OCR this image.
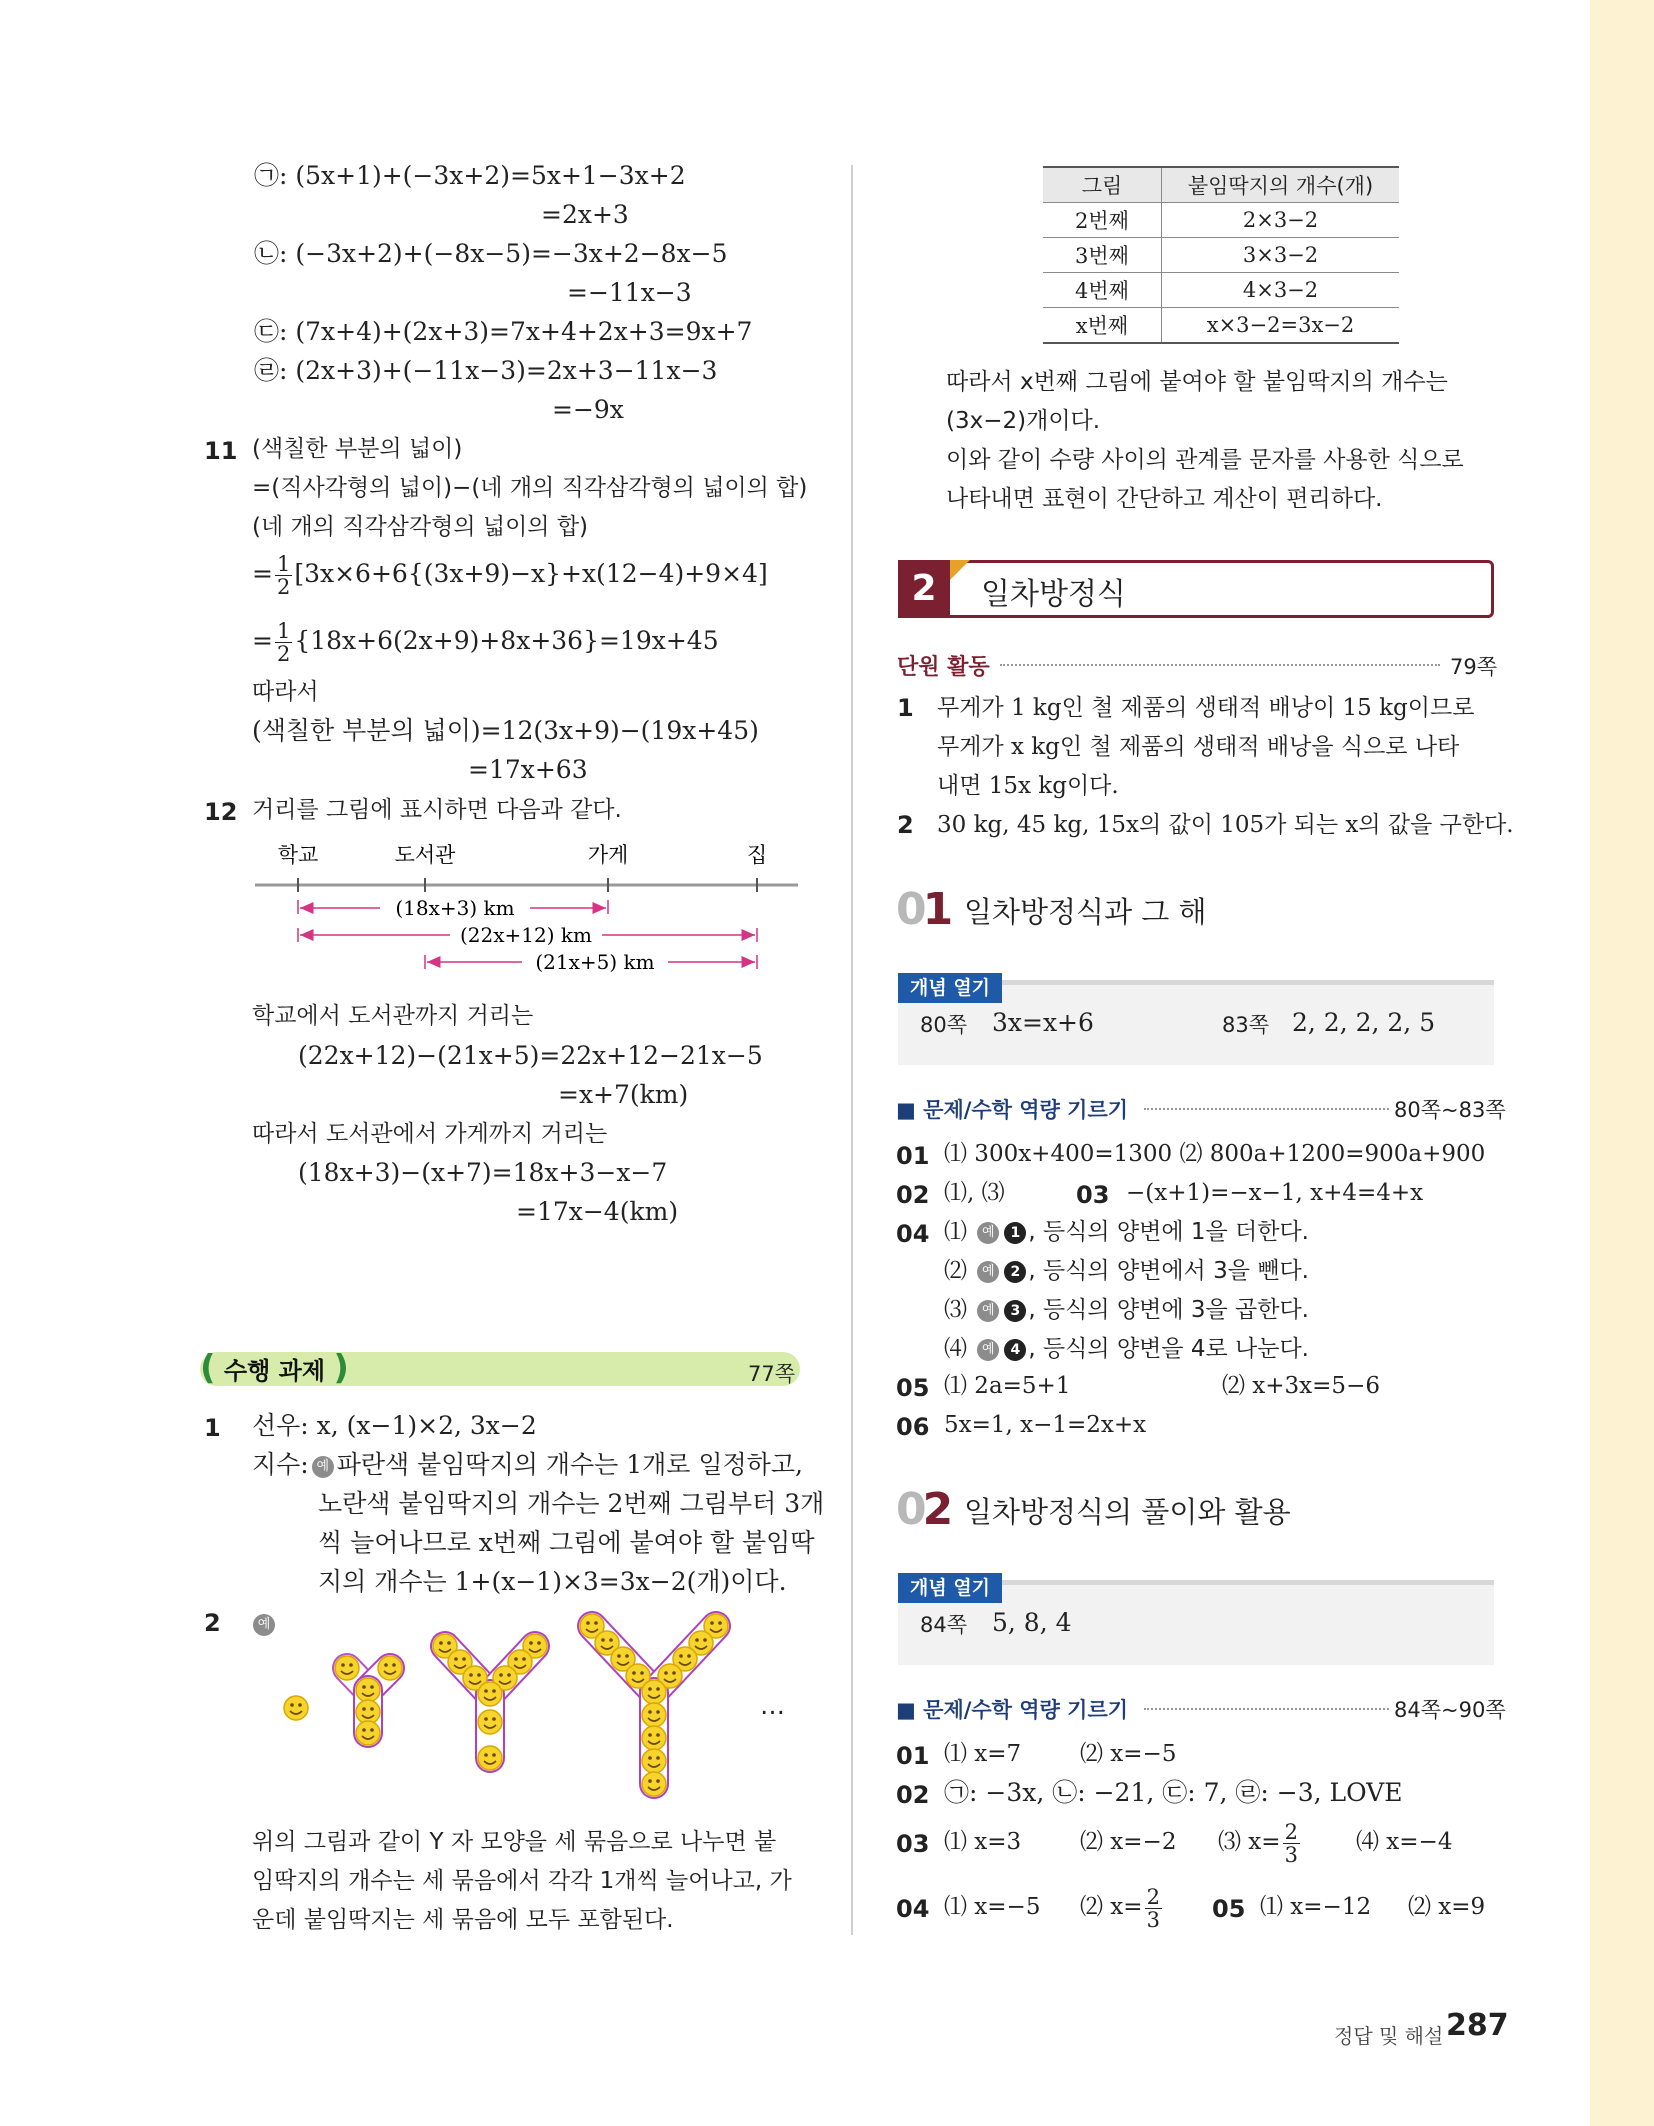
㉠: (5x+1)+(−3x+2)=5x+1−3x+2
=2x+3
㉡: (−3x+2)+(−8x−5)=−3x+2−8x−5
=−11x−3
㉢: (7x+4)+(2x+3)=7x+4+2x+3=9x+7
㉣: (2x+3)+(−11x−3)=2x+3−11x−3
=−9x
11 (색칠한 부분의 넓이)
=(직사각형의 넓이)−(네 개의 직각삼각형의 넓이의 합)
(네 개의 직각삼각형의 넓이의 합)
= $\frac{1}{2} [3x\times 6+6\{(3x+9)-x\}+x(12-4)+9\times 4]$
= $\frac{1}{2} \{18x+6(2x+9)+8x+36\}=19x+45$
따라서
(색칠한 부분의 넓이)=12(3x+9)−(19x+45)
=17x+63
12 거리를 그림에 표시하면 다음과 같다.
학교	도서관	가게	집
(18x+3) km
(22x+12) km
(21x+5) km
학교에서 도서관까지 거리는
(22x+12)−(21x+5)=22x+12−21x−5
=x+7(km)
따라서 도서관에서 가게까지 거리는
(18x+3)−(x+7)=18x+3−x−7
=17x−4(km)
( 수행 과제 )	77쪽
1 선우: x, (x−1)×2, 3x−2
지수: 예 파란색 붙임딱지의 개수는 1개로 일정하고,
노란색 붙임딱지의 개수는 2번째 그림부터 3개
씩 늘어나므로 x번째 그림에 붙여야 할 붙임딱
지의 개수는 1+(x−1)×3=3x−2(개)이다.
2	예
…
위의 그림과 같이 Y 자 모양을 세 묶음으로 나누면 붙
임딱지의 개수는 세 묶음에서 각각 1개씩 늘어나고, 가
운데 붙임딱지는 세 묶음에 모두 포함된다.
그림	붙임딱지의 개수(개)
2번째	2×3−2
3번째	3×3−2
4번째	4×3−2
x번째	x×3−2=3x−2
따라서 x번째 그림에 붙여야 할 붙임딱지의 개수는
(3x−2)개이다.
이와 같이 수량 사이의 관계를 문자를 사용한 식으로
나타내면 표현이 간단하고 계산이 편리하다.
2	일차방정식
단원 활동	79쪽
1 무게가 1 kg인 철 제품의 생태적 배낭이 15 kg이므로
무게가 x kg인 철 제품의 생태적 배낭을 식으로 나타
내면 15x kg이다.
2 30 kg, 45 kg, 15x의 값이 105가 되는 x의 값을 구한다.
01 일차방정식과 그 해
개념 열기
80쪽 3x=x+6	83쪽 2, 2, 2, 2, 5
■ 문제/수학 역량 기르기	80쪽~83쪽
01 ⑴ 300x+400=1300 ⑵ 800a+1200=900a+900
02 ⑴, ⑶	03 −(x+1)=−x−1, x+4=4+x
04 ⑴ 예 1 , 등식의 양변에 1을 더한다.
⑵ 예 2 , 등식의 양변에서 3을 뺀다.
⑶ 예 3 , 등식의 양변에 3을 곱한다.
⑷ 예 4 , 등식의 양변을 4로 나눈다.
05 ⑴ 2a=5+1	⑵ x+3x=5−6
06 5x=1, x−1=2x+x
02 일차방정식의 풀이와 활용
개념 열기
84쪽 5, 8, 4
■ 문제/수학 역량 기르기	84쪽~90쪽
01 ⑴ x=7	⑵ x=−5
02 ㉠: −3x, ㉡: −21, ㉢: 7, ㉣: −3, LOVE
03 ⑴ x=3	⑵ x=−2 ⑶ $x= \frac{2}{3}$ ⑷ x=−4
04 ⑴ x=−5 ⑵ $x= \frac{2}{3} 05$ ⑴ x=−12 ⑵ x=9
정답 및 해설 287
